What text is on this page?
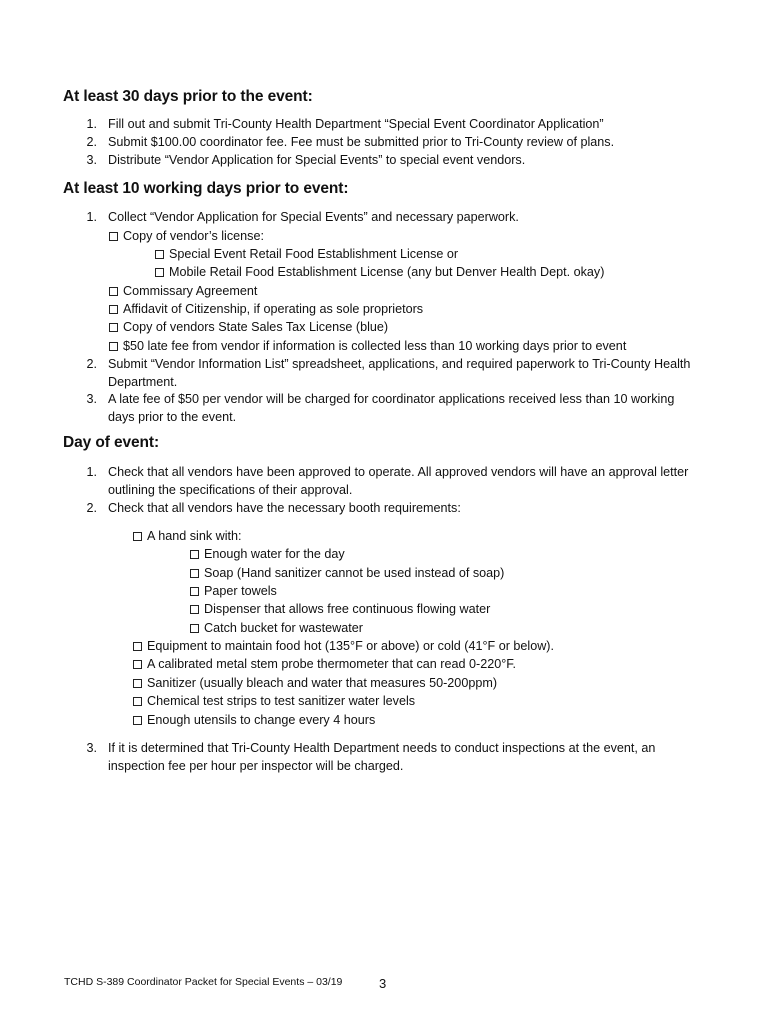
At least 30 days prior to the event:
1. Fill out and submit Tri-County Health Department “Special Event Coordinator Application”
2. Submit $100.00 coordinator fee. Fee must be submitted prior to Tri-County review of plans.
3. Distribute “Vendor Application for Special Events” to special event vendors.
At least 10 working days prior to event:
1. Collect “Vendor Application for Special Events” and necessary paperwork.
Copy of vendor’s license:
Special Event Retail Food Establishment License or
Mobile Retail Food Establishment License (any but Denver Health Dept. okay)
Commissary Agreement
Affidavit of Citizenship, if operating as sole proprietors
Copy of vendors State Sales Tax License (blue)
$50 late fee from vendor if information is collected less than 10 working days prior to event
2. Submit “Vendor Information List” spreadsheet, applications, and required paperwork to Tri-County Health
Department.
3. A late fee of $50 per vendor will be charged for coordinator applications received less than 10 working
days prior to the event.
Day of event:
1. Check that all vendors have been approved to operate. All approved vendors will have an approval letter
outlining the specifications of their approval.
2. Check that all vendors have the necessary booth requirements:
A hand sink with:
Enough water for the day
Soap (Hand sanitizer cannot be used instead of soap)
Paper towels
Dispenser that allows free continuous flowing water
Catch bucket for wastewater
Equipment to maintain food hot (135°F or above) or cold (41°F or below).
A calibrated metal stem probe thermometer that can read 0-220°F.
Sanitizer (usually bleach and water that measures 50-200ppm)
Chemical test strips to test sanitizer water levels
Enough utensils to change every 4 hours
3. If it is determined that Tri-County Health Department needs to conduct inspections at the event, an
inspection fee per hour per inspector will be charged.
TCHD S-389 Coordinator Packet for Special Events – 03/19	3
